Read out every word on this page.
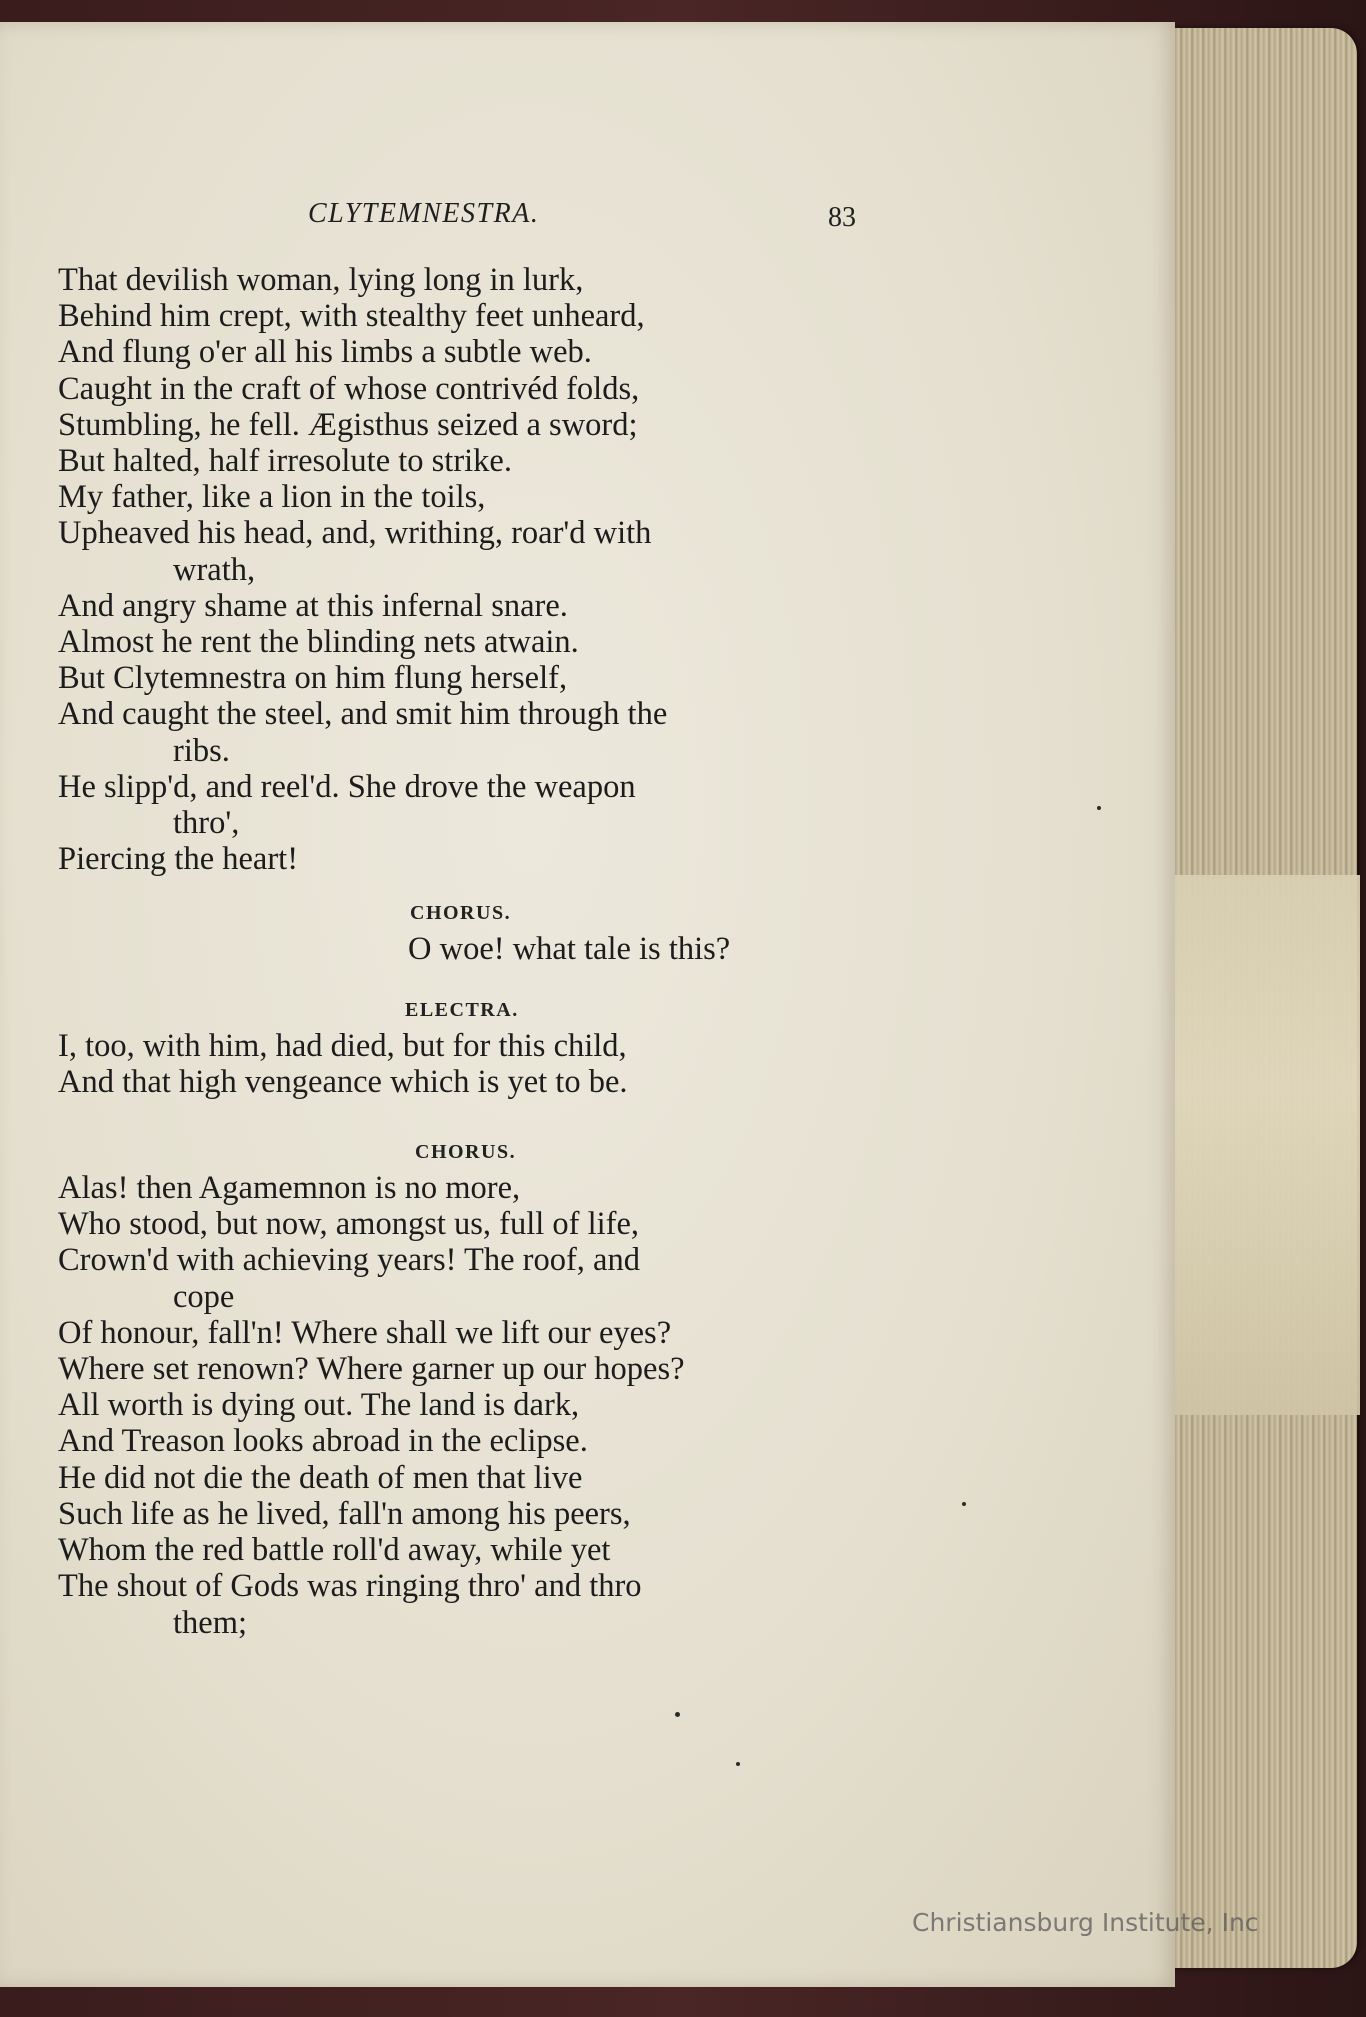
CLYTEMNESTRA.	83
That devilish woman, lying long in lurk,
Behind him crept, with stealthy feet unheard,
And flung o'er all his limbs a subtle web.
Caught in the craft of whose contrivéd folds,
Stumbling, he fell. Ægisthus seized a sword;
But halted, half irresolute to strike.
My father, like a lion in the toils,
Upheaved his head, and, writhing, roar'd with
wrath,
And angry shame at this infernal snare.
Almost he rent the blinding nets atwain.
But Clytemnestra on him flung herself,
And caught the steel, and smit him through the
ribs.
He slipp'd, and reel'd. She drove the weapon
thro',
Piercing the heart!
CHORUS.
O woe! what tale is this?
ELECTRA.
I, too, with him, had died, but for this child,
And that high vengeance which is yet to be.
CHORUS.
Alas! then Agamemnon is no more,
Who stood, but now, amongst us, full of life,
Crown'd with achieving years! The roof, and
cope
Of honour, fall'n! Where shall we lift our eyes?
Where set renown? Where garner up our hopes?
All worth is dying out. The land is dark,
And Treason looks abroad in the eclipse.
He did not die the death of men that live
Such life as he lived, fall'n among his peers,
Whom the red battle roll'd away, while yet
The shout of Gods was ringing thro' and thro
them;
Christiansburg Institute, Inc
